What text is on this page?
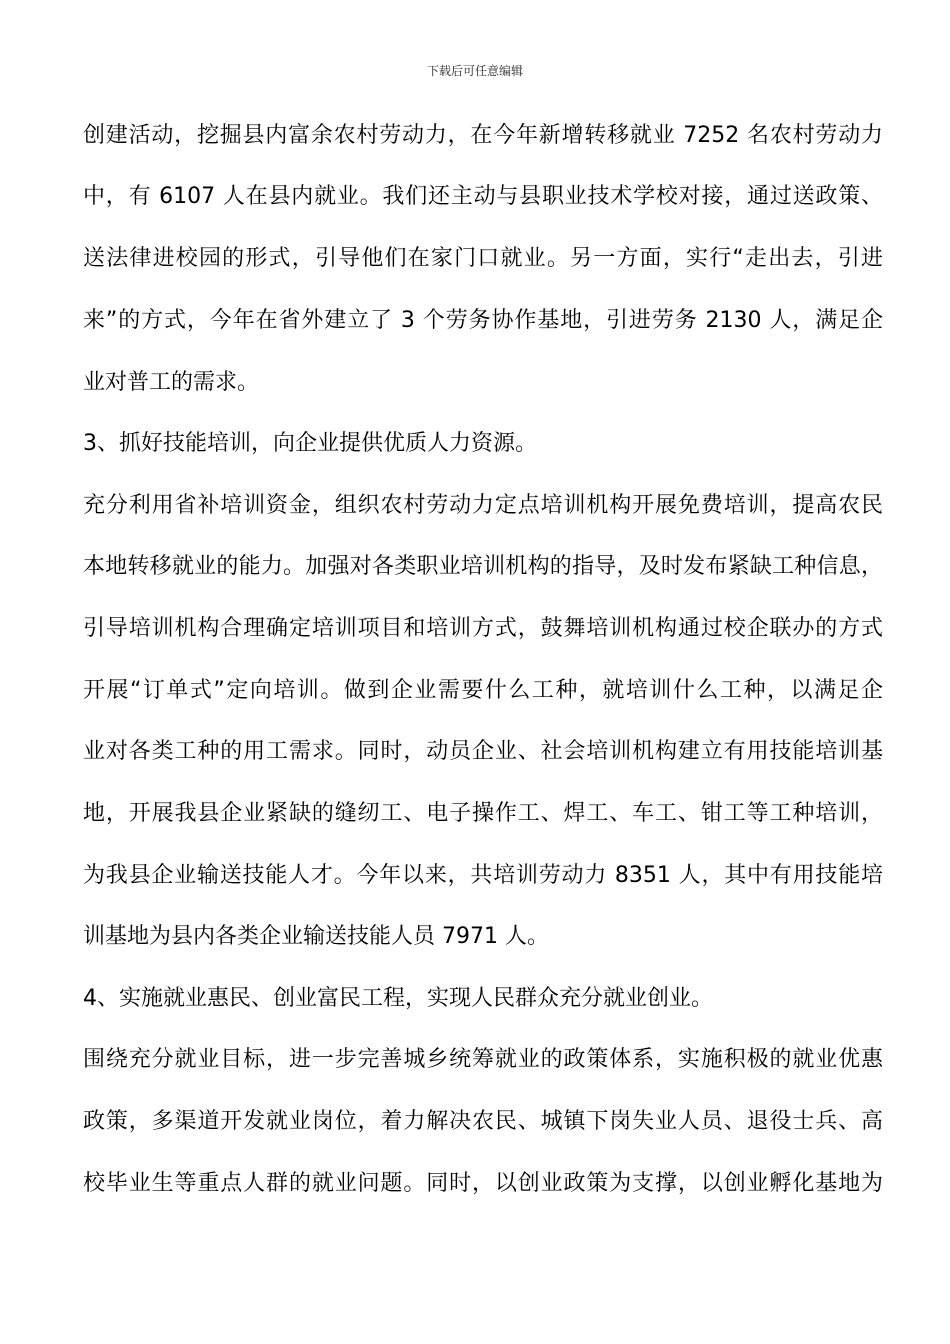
下载后可任意编辑
创建活动，挖掘县内富余农村劳动力，在今年新增转移就业 7252 名农村劳动力
中，有 6107 人在县内就业。我们还主动与县职业技术学校对接，通过送政策、
送法律进校园的形式，引导他们在家门口就业。另一方面，实行“走出去，引进
来”的方式，今年在省外建立了 3 个劳务协作基地，引进劳务 2130 人，满足企
业对普工的需求。
3、抓好技能培训，向企业提供优质人力资源。
充分利用省补培训资金，组织农村劳动力定点培训机构开展免费培训，提高农民
本地转移就业的能力。加强对各类职业培训机构的指导，及时发布紧缺工种信息，
引导培训机构合理确定培训项目和培训方式，鼓舞培训机构通过校企联办的方式
开展“订单式”定向培训。做到企业需要什么工种，就培训什么工种，以满足企
业对各类工种的用工需求。同时，动员企业、社会培训机构建立有用技能培训基
地，开展我县企业紧缺的缝纫工、电子操作工、焊工、车工、钳工等工种培训，
为我县企业输送技能人才。今年以来，共培训劳动力 8351 人，其中有用技能培
训基地为县内各类企业输送技能人员 7971 人。
4、实施就业惠民、创业富民工程，实现人民群众充分就业创业。
围绕充分就业目标，进一步完善城乡统筹就业的政策体系，实施积极的就业优惠
政策，多渠道开发就业岗位，着力解决农民、城镇下岗失业人员、退役士兵、高
校毕业生等重点人群的就业问题。同时，以创业政策为支撑，以创业孵化基地为
